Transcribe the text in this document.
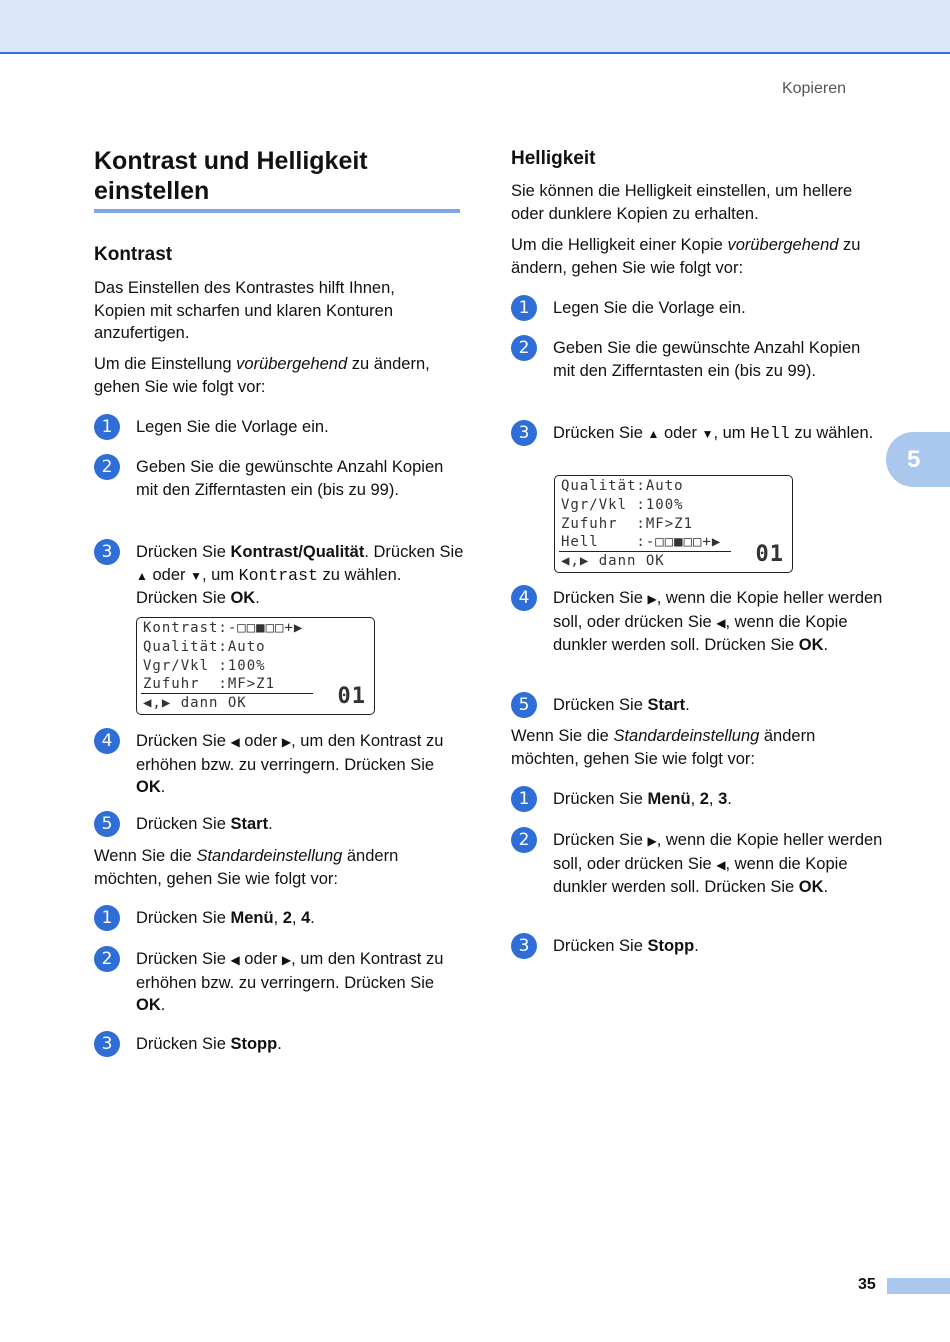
Kopieren
5
Kontrast und Helligkeit
einstellen
Kontrast

Das Einstellen des Kontrastes hilft Ihnen, Kopien mit scharfen und klaren Konturen anzufertigen.

Um die Einstellung vorübergehend zu ändern, gehen Sie wie folgt vor:

1	Legen Sie die Vorlage ein.
2	Geben Sie die gewünschte Anzahl Kopien mit den Zifferntasten ein (bis zu 99).
3	Drücken Sie Kontrast/Qualität. Drücken Sie ▲ oder ▼, um Kontrast zu wählen. Drücken Sie OK.
Kontrast:-□□■□□+▶
Qualität:Auto
Vgr/Vkl :100%
Zufuhr  :MF>Z1
◀,▶ dann OK	01
4	Drücken Sie ◀ oder ▶, um den Kontrast zu erhöhen bzw. zu verringern. Drücken Sie OK.
5	Drücken Sie Start.

Wenn Sie die Standardeinstellung ändern möchten, gehen Sie wie folgt vor:

1	Drücken Sie Menü, 2, 4.
2	Drücken Sie ◀ oder ▶, um den Kontrast zu erhöhen bzw. zu verringern. Drücken Sie OK.
3	Drücken Sie Stopp.
Helligkeit

Sie können die Helligkeit einstellen, um hellere oder dunklere Kopien zu erhalten.

Um die Helligkeit einer Kopie vorübergehend zu ändern, gehen Sie wie folgt vor:

1	Legen Sie die Vorlage ein.
2	Geben Sie die gewünschte Anzahl Kopien mit den Zifferntasten ein (bis zu 99).
3	Drücken Sie ▲ oder ▼, um Hell zu wählen.
Qualität:Auto
Vgr/Vkl :100%
Zufuhr  :MF>Z1
Hell    :-□□■□□+▶
◀,▶ dann OK	01
4	Drücken Sie ▶, wenn die Kopie heller werden soll, oder drücken Sie ◀, wenn die Kopie dunkler werden soll. Drücken Sie OK.
5	Drücken Sie Start.

Wenn Sie die Standardeinstellung ändern möchten, gehen Sie wie folgt vor:

1	Drücken Sie Menü, 2, 3.
2	Drücken Sie ▶, wenn die Kopie heller werden soll, oder drücken Sie ◀, wenn die Kopie dunkler werden soll. Drücken Sie OK.
3	Drücken Sie Stopp.
35
